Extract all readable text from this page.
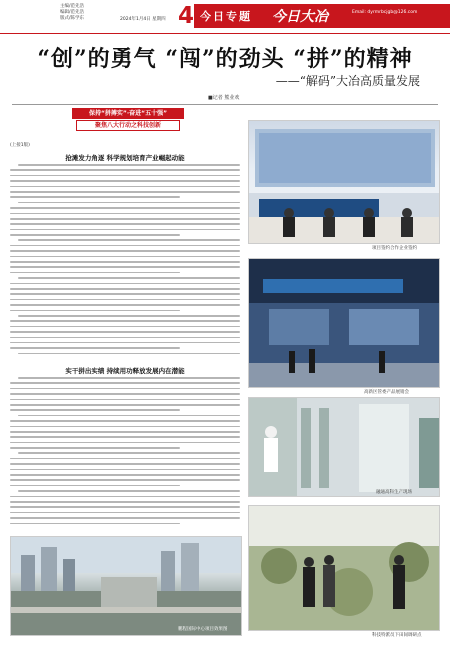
主编/范先浩
编辑/范先浩
版式/陈学东	2024年1月4日 星期四 4 今日专题 今日大冶	Email: dyrmrbcjgb@126.com
“创”的勇气 “闯”的劲头 “拼”的精神
——“解码”大冶高质量发展
■记者 熊业欢
保持“拼搏实”·奋进“五十强”
聚焦八大行动之科技创新
(上接1版)
抢滩发力角逐 科学规划培育产业崛起动能
实干拼出实绩 持续用功释放发展内在潜能
项目签约合作企业签约
高新区管委产品展销会
融通高科生产现场
科技特派员下田间调研点
鹏程国际中心项目效果图
